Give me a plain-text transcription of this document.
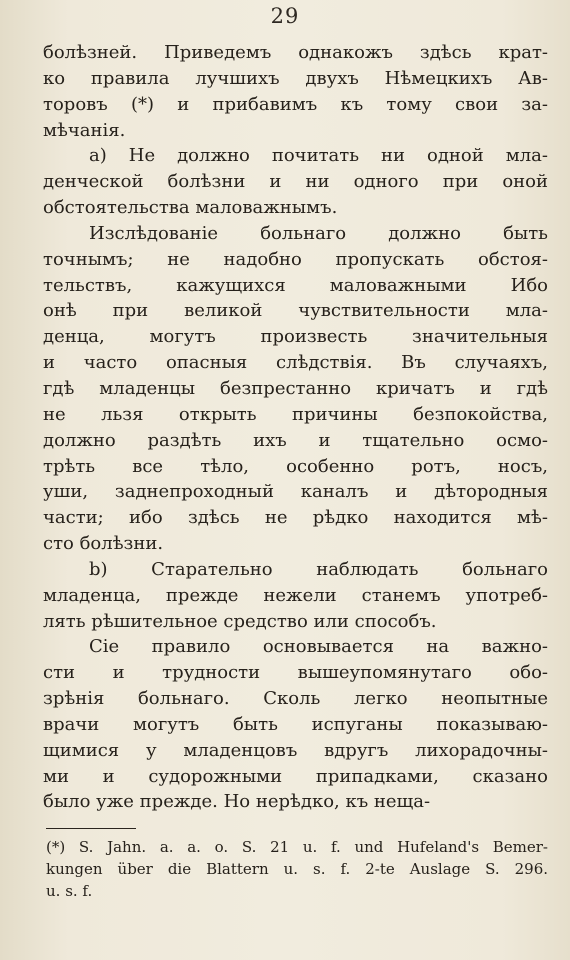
29
болѣзней. Приведемъ однакожъ здѣсь крат-
ко правила лучшихъ двухъ Нѣмецкихъ Ав-
торовъ (*) и прибавимъ къ тому свои за-
мѣчанія.
а) Не должно почитать ни одной мла-
денческой болѣзни и ни одного при оной
обстоятельства маловажнымъ.
Изслѣдованіе больнаго должно быть
точнымъ; не надобно пропускать обстоя-
тельствъ, кажущихся маловажными Ибо
онѣ при великой чувствительности мла-
денца, могутъ произвесть значительныя
и часто опасныя слѣдствія. Въ случаяхъ,
гдѣ младенцы безпрестанно кричатъ и гдѣ
не льзя открыть причины безпокойства,
должно раздѣть ихъ и тщательно осмо-
трѣть все тѣло, особенно ротъ, носъ,
уши, заднепроходный каналъ и дѣтородныя
части; ибо здѣсь не рѣдко находится мѣ-
сто болѣзни.
b) Старательно наблюдать больнаго
младенца, прежде нежели станемъ употреб-
лять рѣшительное средство или способъ.
Сіе правило основывается на важно-
сти и трудности вышеупомянутаго обо-
зрѣнія больнаго. Сколь легко неопытные
врачи могутъ быть испуганы показываю-
щимися у младенцовъ вдругъ лихорадочны-
ми и судорожными припадками, сказано
было уже прежде. Но нерѣдко, къ неща-
(*) S. Jahn. a. a. o. S. 21 u. f. und Hufeland's Bemer-
kungen über die Blattern u. s. f. 2-te Auslage S. 296.
u. s. f.
